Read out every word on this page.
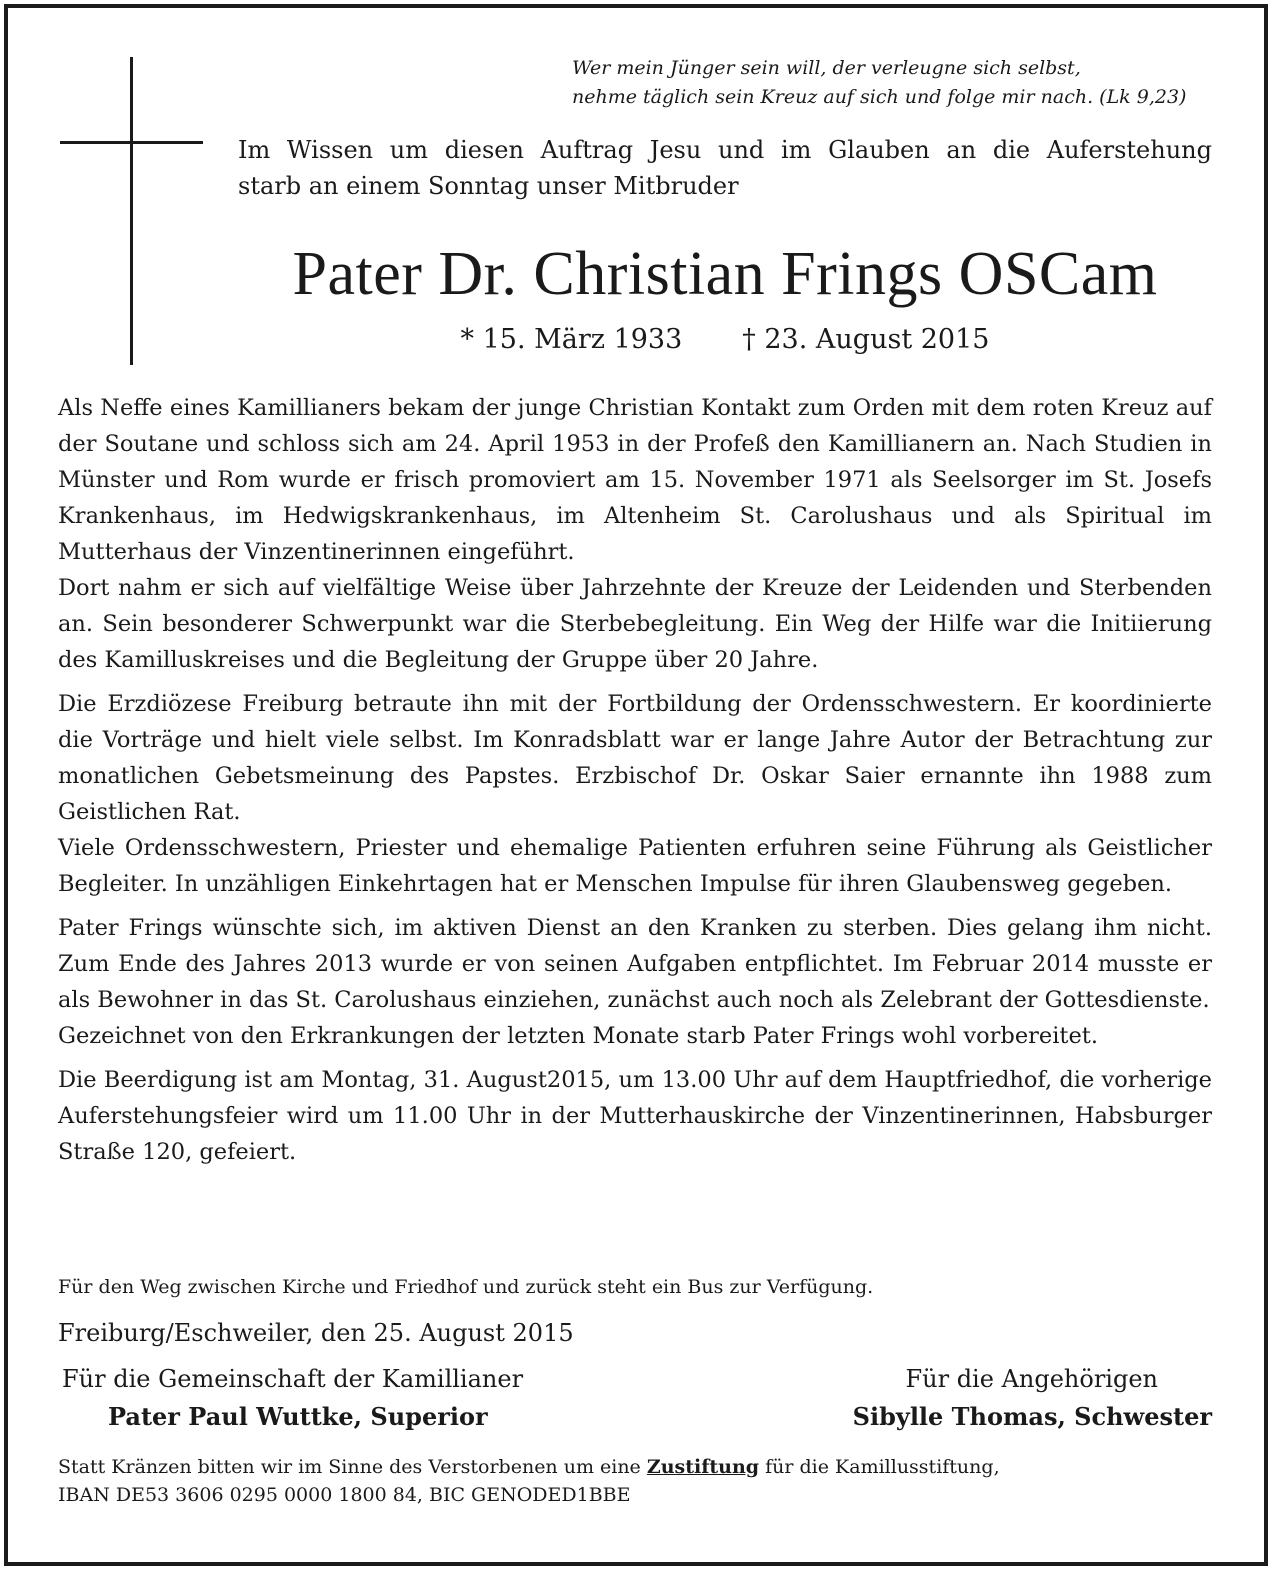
Wer mein Jünger sein will, der verleugne sich selbst,
nehme täglich sein Kreuz auf sich und folge mir nach. (Lk 9,23)
Im Wissen um diesen Auftrag Jesu und im Glauben an die Auferstehung
starb an einem Sonntag unser Mitbruder
Pater Dr. Christian Frings OSCam
* 15. März 1933 † 23. August 2015

Als Neffe eines Kamillianers bekam der junge Christian Kontakt zum Orden mit dem roten Kreuz auf der Soutane und schloss sich am 24. April 1953 in der Profeß den Kamillianern an. Nach Studien in Münster und Rom wurde er frisch promoviert am 15. November 1971 als Seelsorger im St. Josefs Krankenhaus, im Hedwigskrankenhaus, im Altenheim St. Carolushaus und als Spiritual im Mutterhaus der Vinzentinerinnen eingeführt.

Dort nahm er sich auf vielfältige Weise über Jahrzehnte der Kreuze der Leidenden und Sterbenden an. Sein besonderer Schwerpunkt war die Sterbebegleitung. Ein Weg der Hilfe war die Initiierung des Kamilluskreises und die Begleitung der Gruppe über 20 Jahre.

Die Erzdiözese Freiburg betraute ihn mit der Fortbildung der Ordensschwestern. Er koordinierte die Vorträge und hielt viele selbst. Im Konradsblatt war er lange Jahre Autor der Betrachtung zur monatlichen Gebetsmeinung des Papstes. Erzbischof Dr. Oskar Saier ernannte ihn 1988 zum Geistlichen Rat.

Viele Ordensschwestern, Priester und ehemalige Patienten erfuhren seine Führung als Geistlicher Begleiter. In unzähligen Einkehrtagen hat er Menschen Impulse für ihren Glaubensweg gegeben.

Pater Frings wünschte sich, im aktiven Dienst an den Kranken zu sterben. Dies gelang ihm nicht. Zum Ende des Jahres 2013 wurde er von seinen Aufgaben entpflichtet. Im Februar 2014 musste er als Bewohner in das St. Carolushaus einziehen, zunächst auch noch als Zelebrant der Gottesdienste.

Gezeichnet von den Erkrankungen der letzten Monate starb Pater Frings wohl vorbereitet.

Die Beerdigung ist am Montag, 31. August2015, um 13.00 Uhr auf dem Hauptfriedhof, die vorherige Auferstehungsfeier wird um 11.00 Uhr in der Mutterhauskirche der Vinzentinerinnen, Habsburger Straße 120, gefeiert.

Für den Weg zwischen Kirche und Friedhof und zurück steht ein Bus zur Verfügung.
Freiburg/Eschweiler, den 25. August 2015
Für die Gemeinschaft der Kamillianer
Pater Paul Wuttke, Superior
Für die Angehörigen
Sibylle Thomas, Schwester
Statt Kränzen bitten wir im Sinne des Verstorbenen um eine Zustiftung für die Kamillusstiftung,
IBAN DE53 3606 0295 0000 1800 84, BIC GENODED1BBE
